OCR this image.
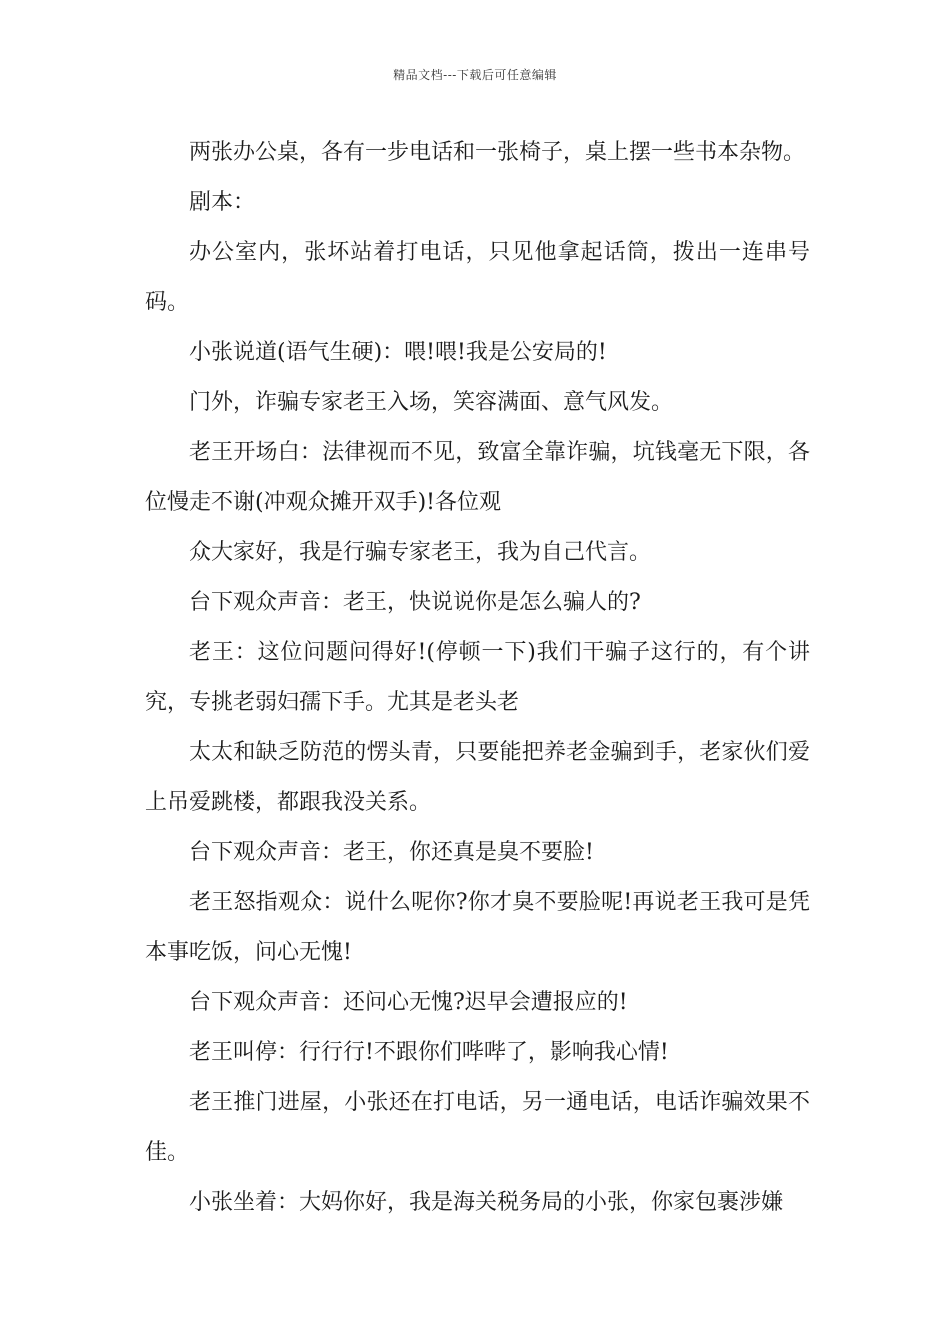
精品文档---下载后可任意编辑

两张办公桌，各有一步电话和一张椅子，桌上摆一些书本杂物。

剧本：

办公室内，张坏站着打电话，只见他拿起话筒，拨出一连串号码。

小张说道(语气生硬)：喂!喂!我是公安局的!

门外，诈骗专家老王入场，笑容满面、意气风发。

老王开场白：法律视而不见，致富全靠诈骗，坑钱毫无下限，各位慢走不谢(冲观众摊开双手)!各位观

众大家好，我是行骗专家老王，我为自己代言。

台下观众声音：老王，快说说你是怎么骗人的?

老王：这位问题问得好!(停顿一下)我们干骗子这行的，有个讲究，专挑老弱妇孺下手。尤其是老头老

太太和缺乏防范的愣头青，只要能把养老金骗到手，老家伙们爱上吊爱跳楼，都跟我没关系。

台下观众声音：老王，你还真是臭不要脸!

老王怒指观众：说什么呢你?你才臭不要脸呢!再说老王我可是凭本事吃饭，问心无愧!

台下观众声音：还问心无愧?迟早会遭报应的!

老王叫停：行行行!不跟你们哔哔了，影响我心情!

老王推门进屋，小张还在打电话，另一通电话，电话诈骗效果不佳。

小张坐着：大妈你好，我是海关税务局的小张，你家包裹涉嫌
